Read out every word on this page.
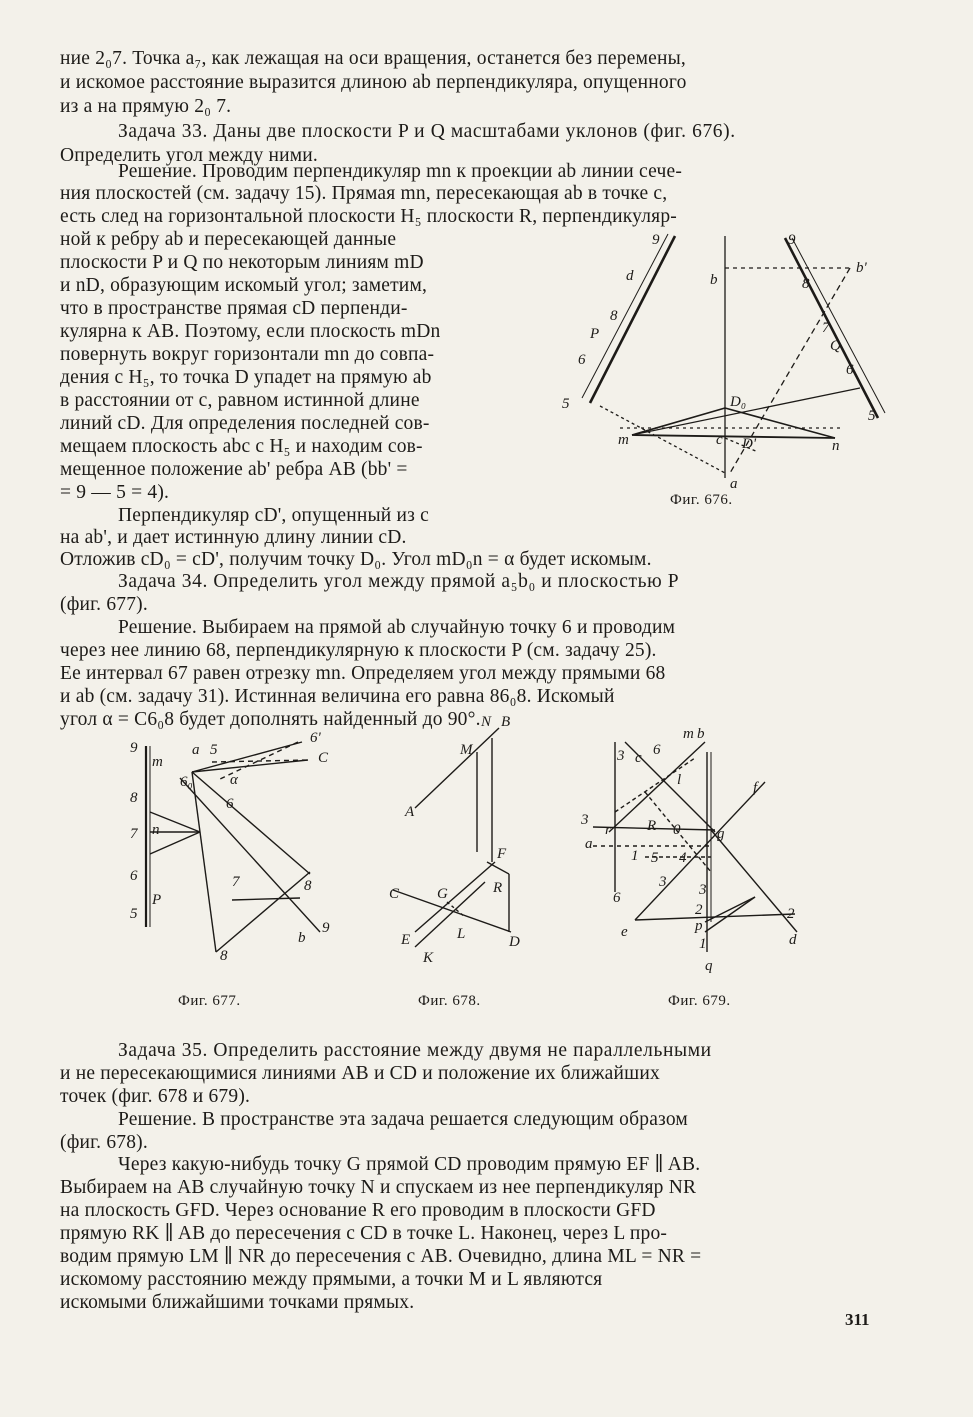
ние 2₀7. Точка a₇, как лежащая на оси вращения, останется без перемены,
и искомое расстояние выразится длиною ab перпендикуляра, опущенного
из a на прямую 2₀ 7.
Задача 33. Даны две плоскости P и Q масштабами уклонов (фиг. 676).
Определить угол между ними.
Решение. Проводим перпендикуляр mn к проекции ab линии сече-
ния плоскостей (см. задачу 15). Прямая mn, пересекающая ab в точке c,
есть след на горизонтальной плоскости H₅ плоскости R, перпендикуляр-
ной к ребру ab и пересекающей данные
плоскости P и Q по некоторым линиям mD
и nD, образующим искомый угол; заметим,
что в пространстве прямая cD перпенди-
кулярна к AB. Поэтому, если плоскость mDn
повернуть вокруг горизонтали mn до совпа-
дения с H₅, то точка D упадет на прямую ab
в расстоянии от c, равном истинной длине
линий cD. Для определения последней сов-
мещаем плоскость abc с H₅ и находим сов-
мещенное положение ab' ребра AB (bb' =
= 9 — 5 = 4).
Перпендикуляр cD', опущенный из c
на ab', и дает истинную длину линии cD.
Отложив cD₀ = cD', получим точку D₀. Угол mD₀n = α будет искомым.
9	9
d	b
b'
8
8
P	7
Q
6
6
5
5
D₀
m	c D'	n
a
Фиг. 676.
Задача 34. Определить угол между прямой a₅b₀ и плоскостью P
(фиг. 677).
Решение. Выбираем на прямой ab случайную точку 6 и проводим
через нее линию 68, перпендикулярную к плоскости P (см. задачу 25).
Ее интервал 67 равен отрезку mn. Определяем угол между прямыми 68
и ab (см. задачу 31). Истинная величина его равна 86₀8. Искомый
угол α = C6₀8 будет дополнять найденный до 90°.
9
8
7
6
5
m
n
P
a 5
6'
C
6₀ α
6
7	8
8
9
b
N B
M
A
F
C	G	R
E	L	D
K
m b
3 c 6
l	f
3
r R 0 g
a
1 5 4
6
3 3
e
2	2
p
1	d
q
Фиг. 677.	Фиг. 678.	Фиг. 679.
Задача 35. Определить расстояние между двумя не параллельными
и не пересекающимися линиями AB и CD и положение их ближайших
точек (фиг. 678 и 679).
Решение. В пространстве эта задача решается следующим образом
(фиг. 678).
Через какую-нибудь точку G прямой CD проводим прямую EF ∥ AB.
Выбираем на AB случайную точку N и спускаем из нее перпендикуляр NR
на плоскость GFD. Через основание R его проводим в плоскости GFD
прямую RK ∥ AB до пересечения с CD в точке L. Наконец, через L про-
водим прямую LM ∥ NR до пересечения с AB. Очевидно, длина ML = NR =
искомому расстоянию между прямыми, а точки M и L являются
искомыми ближайшими точками прямых.
311
